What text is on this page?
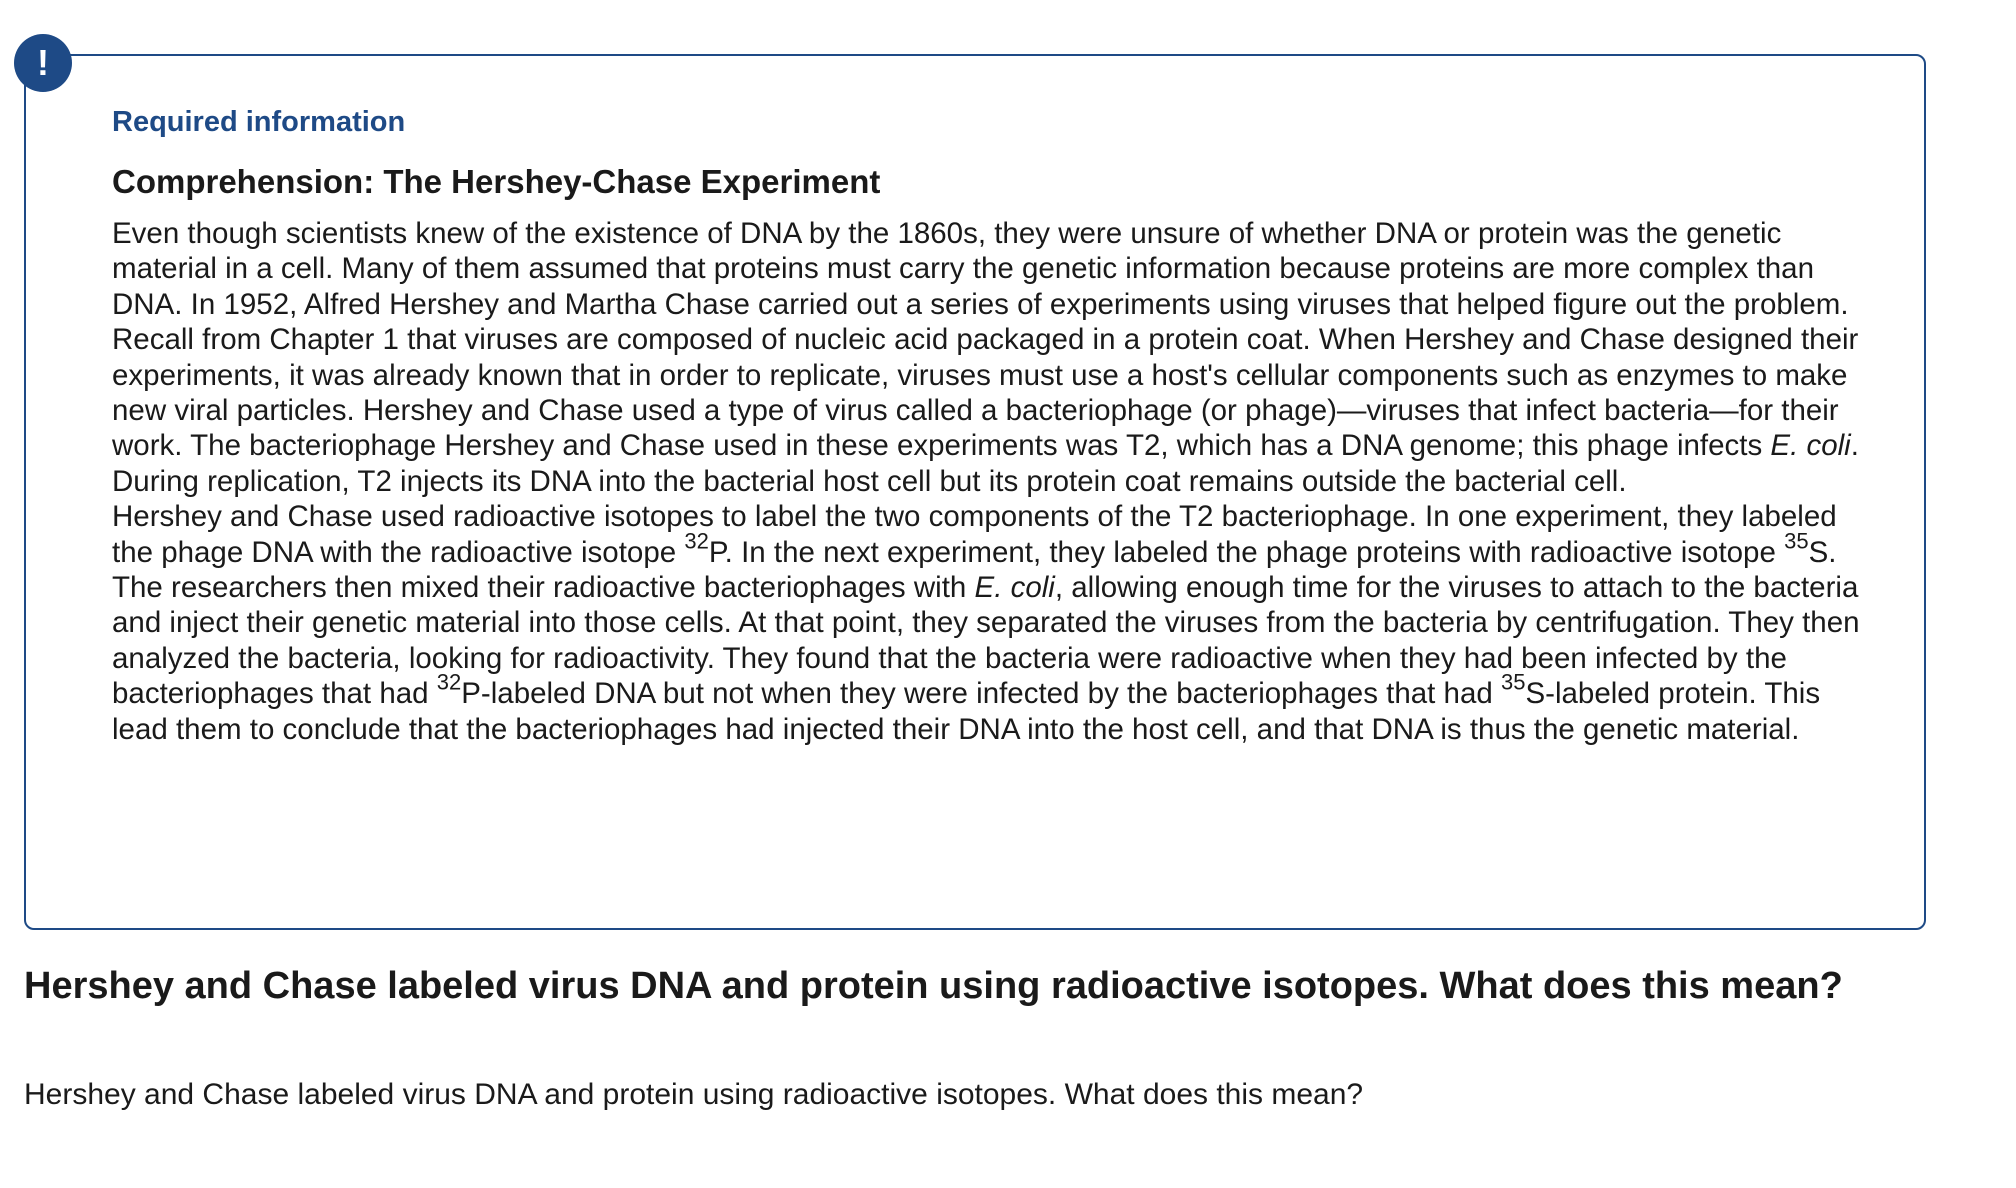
!
Required information
Comprehension: The Hershey-Chase Experiment

Even though scientists knew of the existence of DNA by the 1860s, they were unsure of whether DNA or protein was the genetic material in a cell. Many of them assumed that proteins must carry the genetic information because proteins are more complex than DNA. In 1952, Alfred Hershey and Martha Chase carried out a series of experiments using viruses that helped figure out the problem. Recall from Chapter 1 that viruses are composed of nucleic acid packaged in a protein coat. When Hershey and Chase designed their experiments, it was already known that in order to replicate, viruses must use a host's cellular components such as enzymes to make new viral particles. Hershey and Chase used a type of virus called a bacteriophage (or phage)—viruses that infect bacteria—for their work. The bacteriophage Hershey and Chase used in these experiments was T2, which has a DNA genome; this phage infects E. coli. During replication, T2 injects its DNA into the bacterial host cell but its protein coat remains outside the bacterial cell.

Hershey and Chase used radioactive isotopes to label the two components of the T2 bacteriophage. In one experiment, they labeled the phage DNA with the radioactive isotope $^{32}$P. In the next experiment, they labeled the phage proteins with radioactive isotope $^{35}$S. The researchers then mixed their radioactive bacteriophages with E. coli, allowing enough time for the viruses to attach to the bacteria and inject their genetic material into those cells. At that point, they separated the viruses from the bacteria by centrifugation. They then analyzed the bacteria, looking for radioactivity. They found that the bacteria were radioactive when they had been infected by the bacteriophages that had $^{32}$P-labeled DNA but not when they were infected by the bacteriophages that had $^{35}$S-labeled protein. This lead them to conclude that the bacteriophages had injected their DNA into the host cell, and that DNA is thus the genetic material.

Hershey and Chase labeled virus DNA and protein using radioactive isotopes. What does this mean?

Hershey and Chase labeled virus DNA and protein using radioactive isotopes. What does this mean?
